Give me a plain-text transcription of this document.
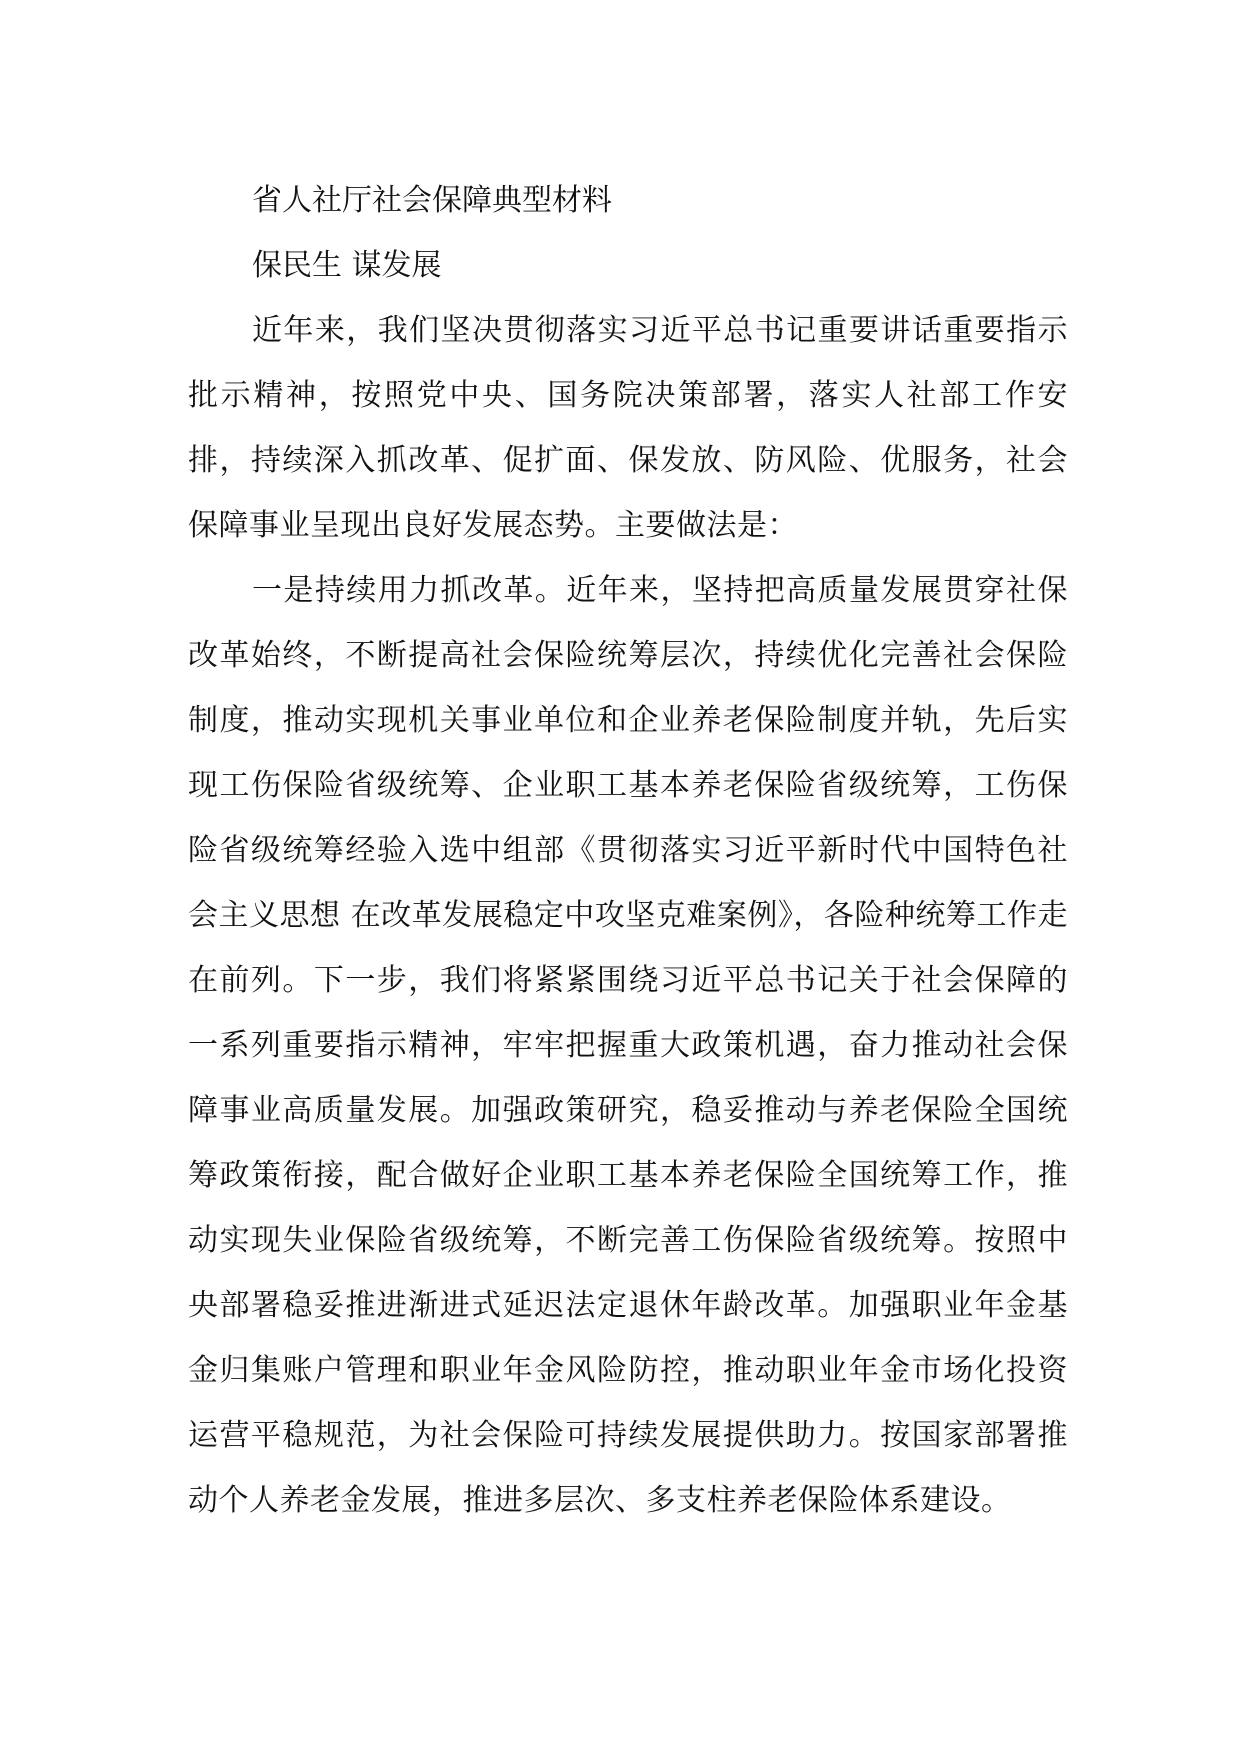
省人社厅社会保障典型材料

保民生 谋发展

近年来，我们坚决贯彻落实习近平总书记重要讲话重要指示批示精神，按照党中央、国务院决策部署，落实人社部工作安排，持续深入抓改革、促扩面、保发放、防风险、优服务，社会保障事业呈现出良好发展态势。主要做法是：

一是持续用力抓改革。近年来，坚持把高质量发展贯穿社保改革始终，不断提高社会保险统筹层次，持续优化完善社会保险制度，推动实现机关事业单位和企业养老保险制度并轨，先后实现工伤保险省级统筹、企业职工基本养老保险省级统筹，工伤保险省级统筹经验入选中组部《贯彻落实习近平新时代中国特色社会主义思想 在改革发展稳定中攻坚克难案例》，各险种统筹工作走在前列。下一步，我们将紧紧围绕习近平总书记关于社会保障的一系列重要指示精神，牢牢把握重大政策机遇，奋力推动社会保障事业高质量发展。加强政策研究，稳妥推动与养老保险全国统筹政策衔接，配合做好企业职工基本养老保险全国统筹工作，推动实现失业保险省级统筹，不断完善工伤保险省级统筹。按照中央部署稳妥推进渐进式延迟法定退休年龄改革。加强职业年金基金归集账户管理和职业年金风险防控，推动职业年金市场化投资运营平稳规范，为社会保险可持续发展提供助力。按国家部署推动个人养老金发展，推进多层次、多支柱养老保险体系建设。
